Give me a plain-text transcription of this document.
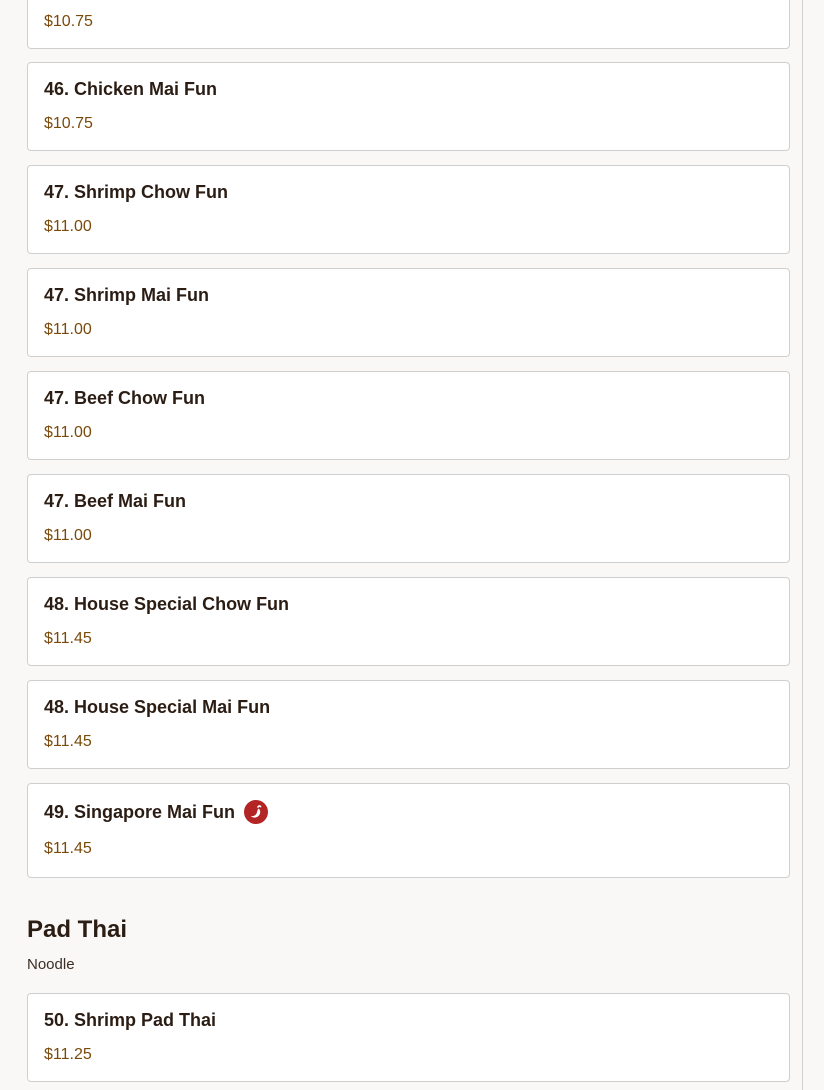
$10.75
46. Chicken Mai Fun
$10.75
47. Shrimp Chow Fun
$11.00
47. Shrimp Mai Fun
$11.00
47. Beef Chow Fun
$11.00
47. Beef Mai Fun
$11.00
48. House Special Chow Fun
$11.45
48. House Special Mai Fun
$11.45
49. Singapore Mai Fun
$11.45
Pad Thai
Noodle
50. Shrimp Pad Thai
$11.25
